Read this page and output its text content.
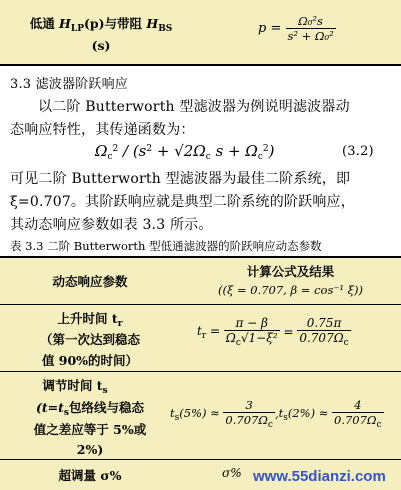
低通 $H_{LP}(p)$与带阻 $H_{BS}$
(s)
$p = \frac{\text{Ω₀²s}}{\text{s² + Ω₀²}}$
3.3 滤波器阶跃响应
以二阶 Butterworth 型滤波器为例说明滤波器动
态响应特性，其传递函数为：
$\Omega_c^2 / (s^2 + √2\Omega_c$ $s + \Omega_c^2$)	(3.2)
可见二阶 Butterworth 型滤波器为最佳二阶系统，即
ξ=0.707。其阶跃响应就是典型二阶系统的阶跃响应，
其动态响应参数如表 3.3 所示。
表 3.3 二阶 Butterworth 型低通滤波器的阶跃响应动态参数
动态响应参数
计算公式及结果
((ξ = 0.707, β = cos⁻¹ ξ))
上升时间 $t_r$
（第一次达到稳态
值 90%的时间）
$t_r = \frac{\pi - \beta}{\Omega_c√1-\xi^2} = \frac{0.75\pi}{0.707\Omega_c}$
调节时间 $t_s$
($t=t_s$包络线与稳态
值之差应等于 5%或
2%)
$t_s(5\%) \approx \frac{3}{0.707\Omega_c} ,t_s(2\%) \approx \frac{4}{0.707\Omega_c}$
超调量 σ%	σ% www.55dianzi.com
